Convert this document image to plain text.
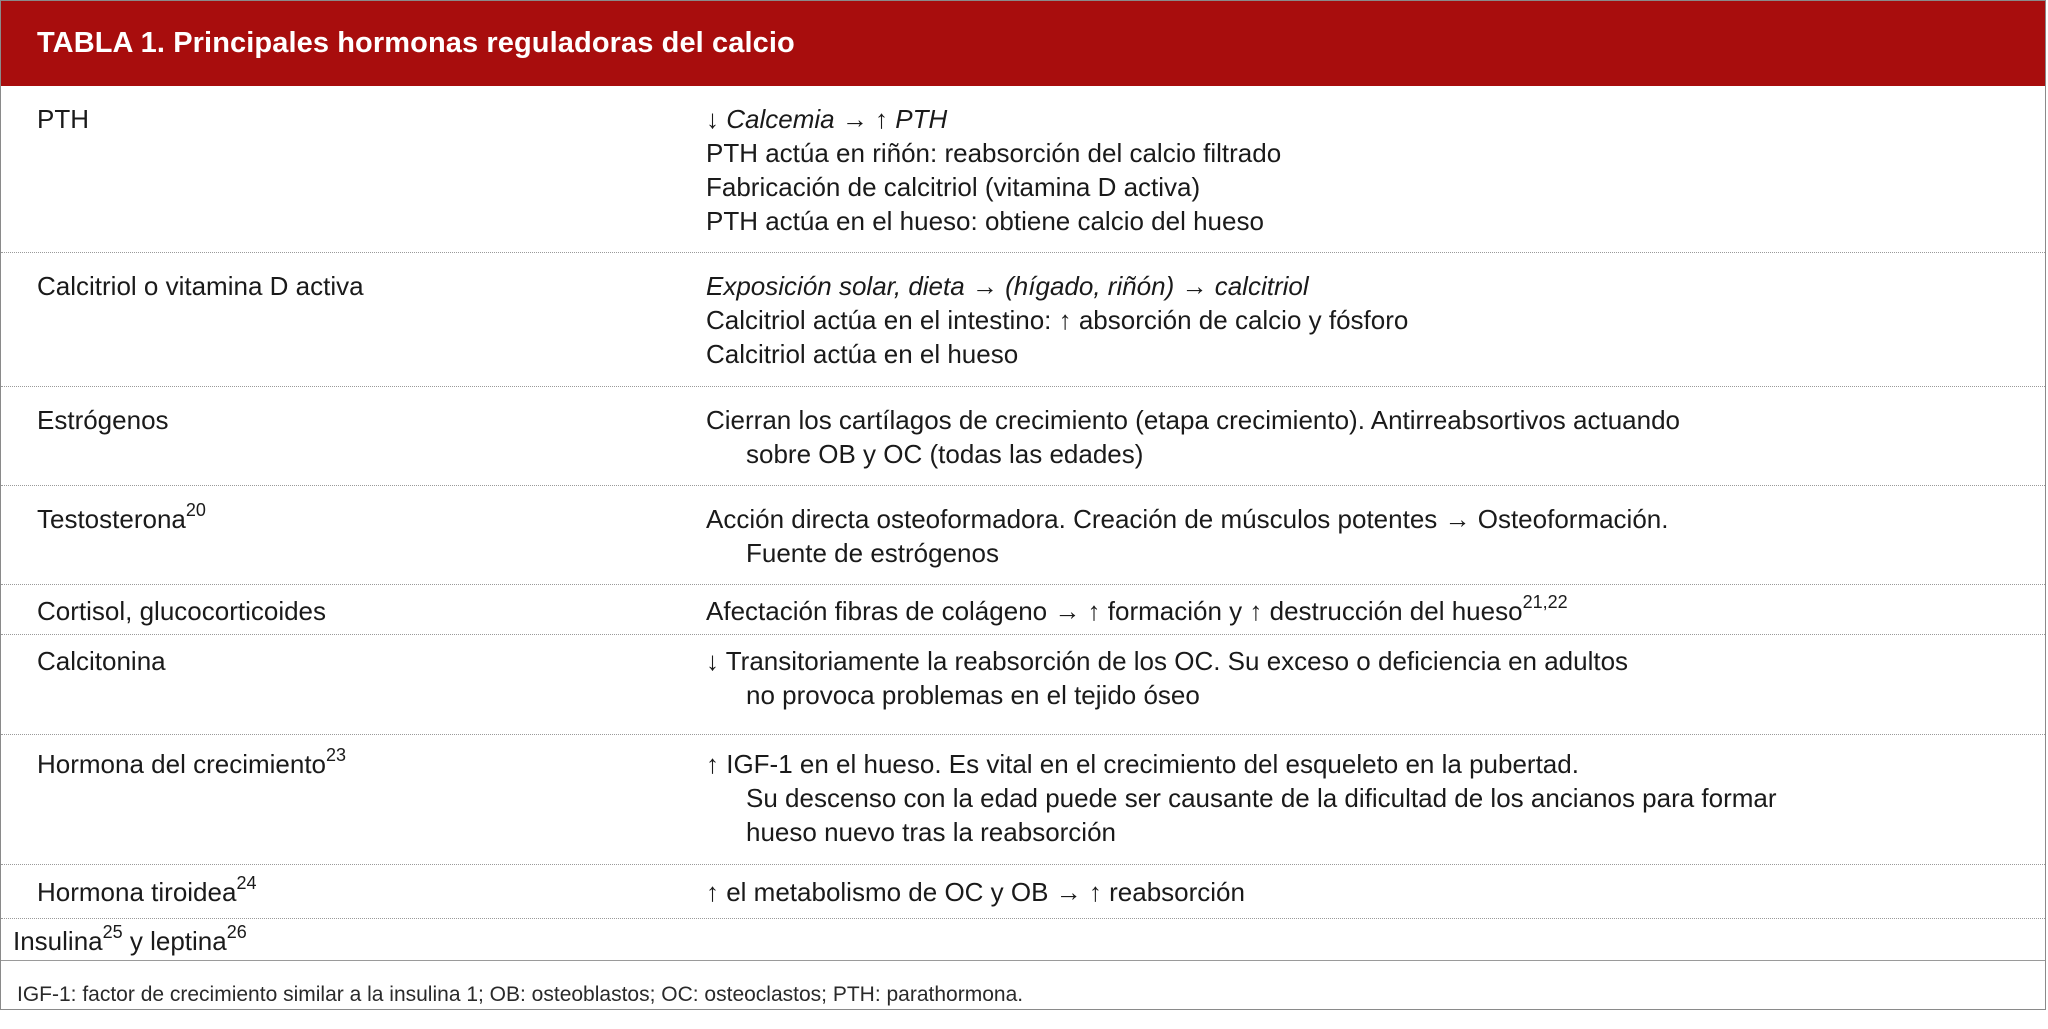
TABLA 1. Principales hormonas reguladoras del calcio
PTH	↓ Calcemia → ↑ PTH
PTH actúa en riñón: reabsorción del calcio filtrado
Fabricación de calcitriol (vitamina D activa)
PTH actúa en el hueso: obtiene calcio del hueso
Calcitriol o vitamina D activa	Exposición solar, dieta → (hígado, riñón) → calcitriol
Calcitriol actúa en el intestino: ↑ absorción de calcio y fósforo
Calcitriol actúa en el hueso
Estrógenos	Cierran los cartílagos de crecimiento (etapa crecimiento). Antirreabsortivos actuando
sobre OB y OC (todas las edades)
Testosterona$^{20}$	Acción directa osteoformadora. Creación de músculos potentes → Osteoformación.
Fuente de estrógenos
Cortisol, glucocorticoides	Afectación fibras de colágeno → ↑ formación y ↑ destrucción del hueso$^{21,22}$
Calcitonina	↓ Transitoriamente la reabsorción de los OC. Su exceso o deficiencia en adultos
no provoca problemas en el tejido óseo
Hormona del crecimiento$^{23}$	↑ IGF-1 en el hueso. Es vital en el crecimiento del esqueleto en la pubertad.
Su descenso con la edad puede ser causante de la dificultad de los ancianos para formar
hueso nuevo tras la reabsorción
Hormona tiroidea$^{24}$	↑ el metabolismo de OC y OB → ↑ reabsorción
Insulina$^{25}$ y leptina$^{26}$
IGF-1: factor de crecimiento similar a la insulina 1; OB: osteoblastos; OC: osteoclastos; PTH: parathormona.
